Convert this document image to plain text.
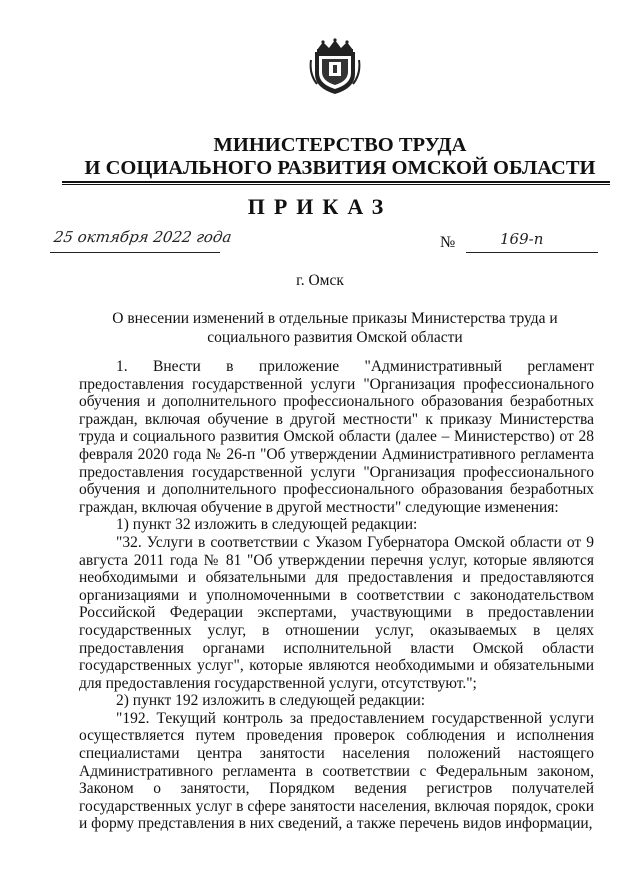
МИНИСТЕРСТВО ТРУДА
И СОЦИАЛЬНОГО РАЗВИТИЯ ОМСКОЙ ОБЛАСТИ
ПРИКАЗ
25 октября 2022 года	№	169-п
г. Омск
О внесении изменений в отдельные приказы Министерства труда и социального развития Омской области

1. Внести в приложение "Административный регламент предоставления государственной услуги "Организация профессионального обучения и дополнительного профессионального образования безработных граждан, включая обучение в другой местности" к приказу Министерства труда и социального развития Омской области (далее – Министерство) от 28 февраля 2020 года № 26-п "Об утверждении Административного регламента предоставления государственной услуги "Организация профессионального обучения и дополнительного профессионального образования безработных граждан, включая обучение в другой местности" следующие изменения:

1) пункт 32 изложить в следующей редакции:

"32. Услуги в соответствии с Указом Губернатора Омской области от 9 августа 2011 года № 81 "Об утверждении перечня услуг, которые являются необходимыми и обязательными для предоставления и предоставляются организациями и уполномоченными в соответствии с законодательством Российской Федерации экспертами, участвующими в предоставлении государственных услуг, в отношении услуг, оказываемых в целях предоставления органами исполнительной власти Омской области государственных услуг", которые являются необходимыми и обязательными для предоставления государственной услуги, отсутствуют.";

2) пункт 192 изложить в следующей редакции:

"192. Текущий контроль за предоставлением государственной услуги осуществляется путем проведения проверок соблюдения и исполнения специалистами центра занятости населения положений настоящего Административного регламента в соответствии с Федеральным законом, Законом о занятости, Порядком ведения регистров получателей государственных услуг в сфере занятости населения, включая порядок, сроки и форму представления в них сведений, а также перечень видов информации,
